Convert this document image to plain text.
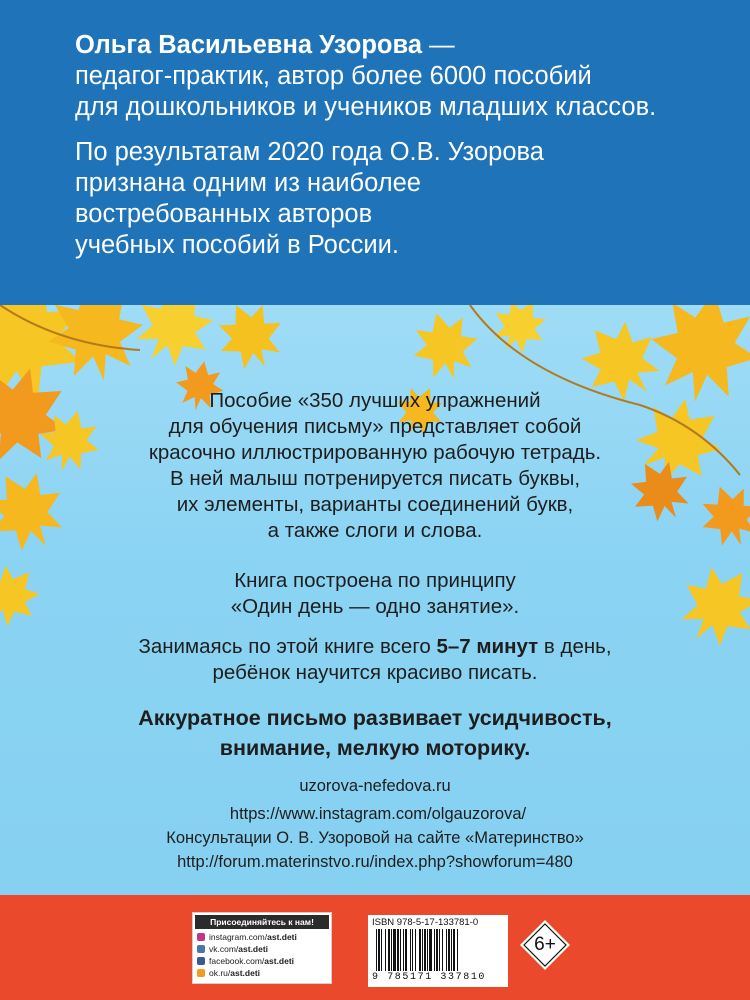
Ольга Васильевна Узорова —
педагог-практик, автор более 6000 пособий
для дошкольников и учеников младших классов.

По результатам 2020 года О.В. Узорова
признана одним из наиболее
востребованных авторов
учебных пособий в России.

Пособие «350 лучших упражнений
для обучения письму» представляет собой
красочно иллюстрированную рабочую тетрадь.
В ней малыш потренируется писать буквы,
их элементы, варианты соединений букв,
а также слоги и слова.
Книга построена по принципу
«Один день — одно занятие».
Занимаясь по этой книге всего 5–7 минут в день,
ребёнок научится красиво писать.
Аккуратное письмо развивает усидчивость,
внимание, мелкую моторику.
uzorova-nefedova.ru
https://www.instagram.com/olgauzorova/
Консультации О. В. Узоровой на сайте «Материнство»
http://forum.materinstvo.ru/index.php?showforum=480
Присоединяйтесь к нам!
instagram.com/ ast.deti
vk.com/ ast.deti
facebook.com/ ast.deti
ok.ru/ ast.deti
ISBN 978-5-17-133781-0
9 785171 337810
6+
